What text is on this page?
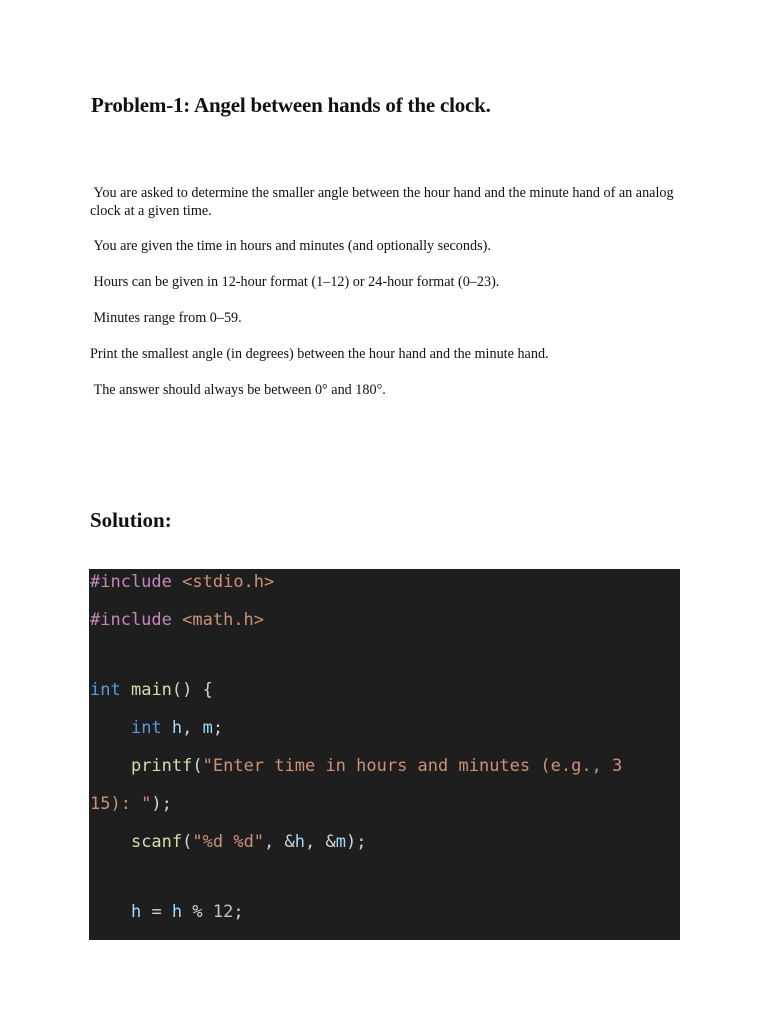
Problem-1: Angel between hands of the clock.

You are asked to determine the smaller angle between the hour hand and the minute hand of an analog clock at a given time.

You are given the time in hours and minutes (and optionally seconds).

Hours can be given in 12-hour format (1–12) or 24-hour format (0–23).

Minutes range from 0–59.

Print the smallest angle (in degrees) between the hour hand and the minute hand.

The answer should always be between 0° and 180°.

Solution:
#include <stdio.h>
#include <math.h>
int main() {
int h, m;
printf("Enter time in hours and minutes (e.g., 3
15): ");
scanf("%d %d", &h, &m);
h = h % 12;
